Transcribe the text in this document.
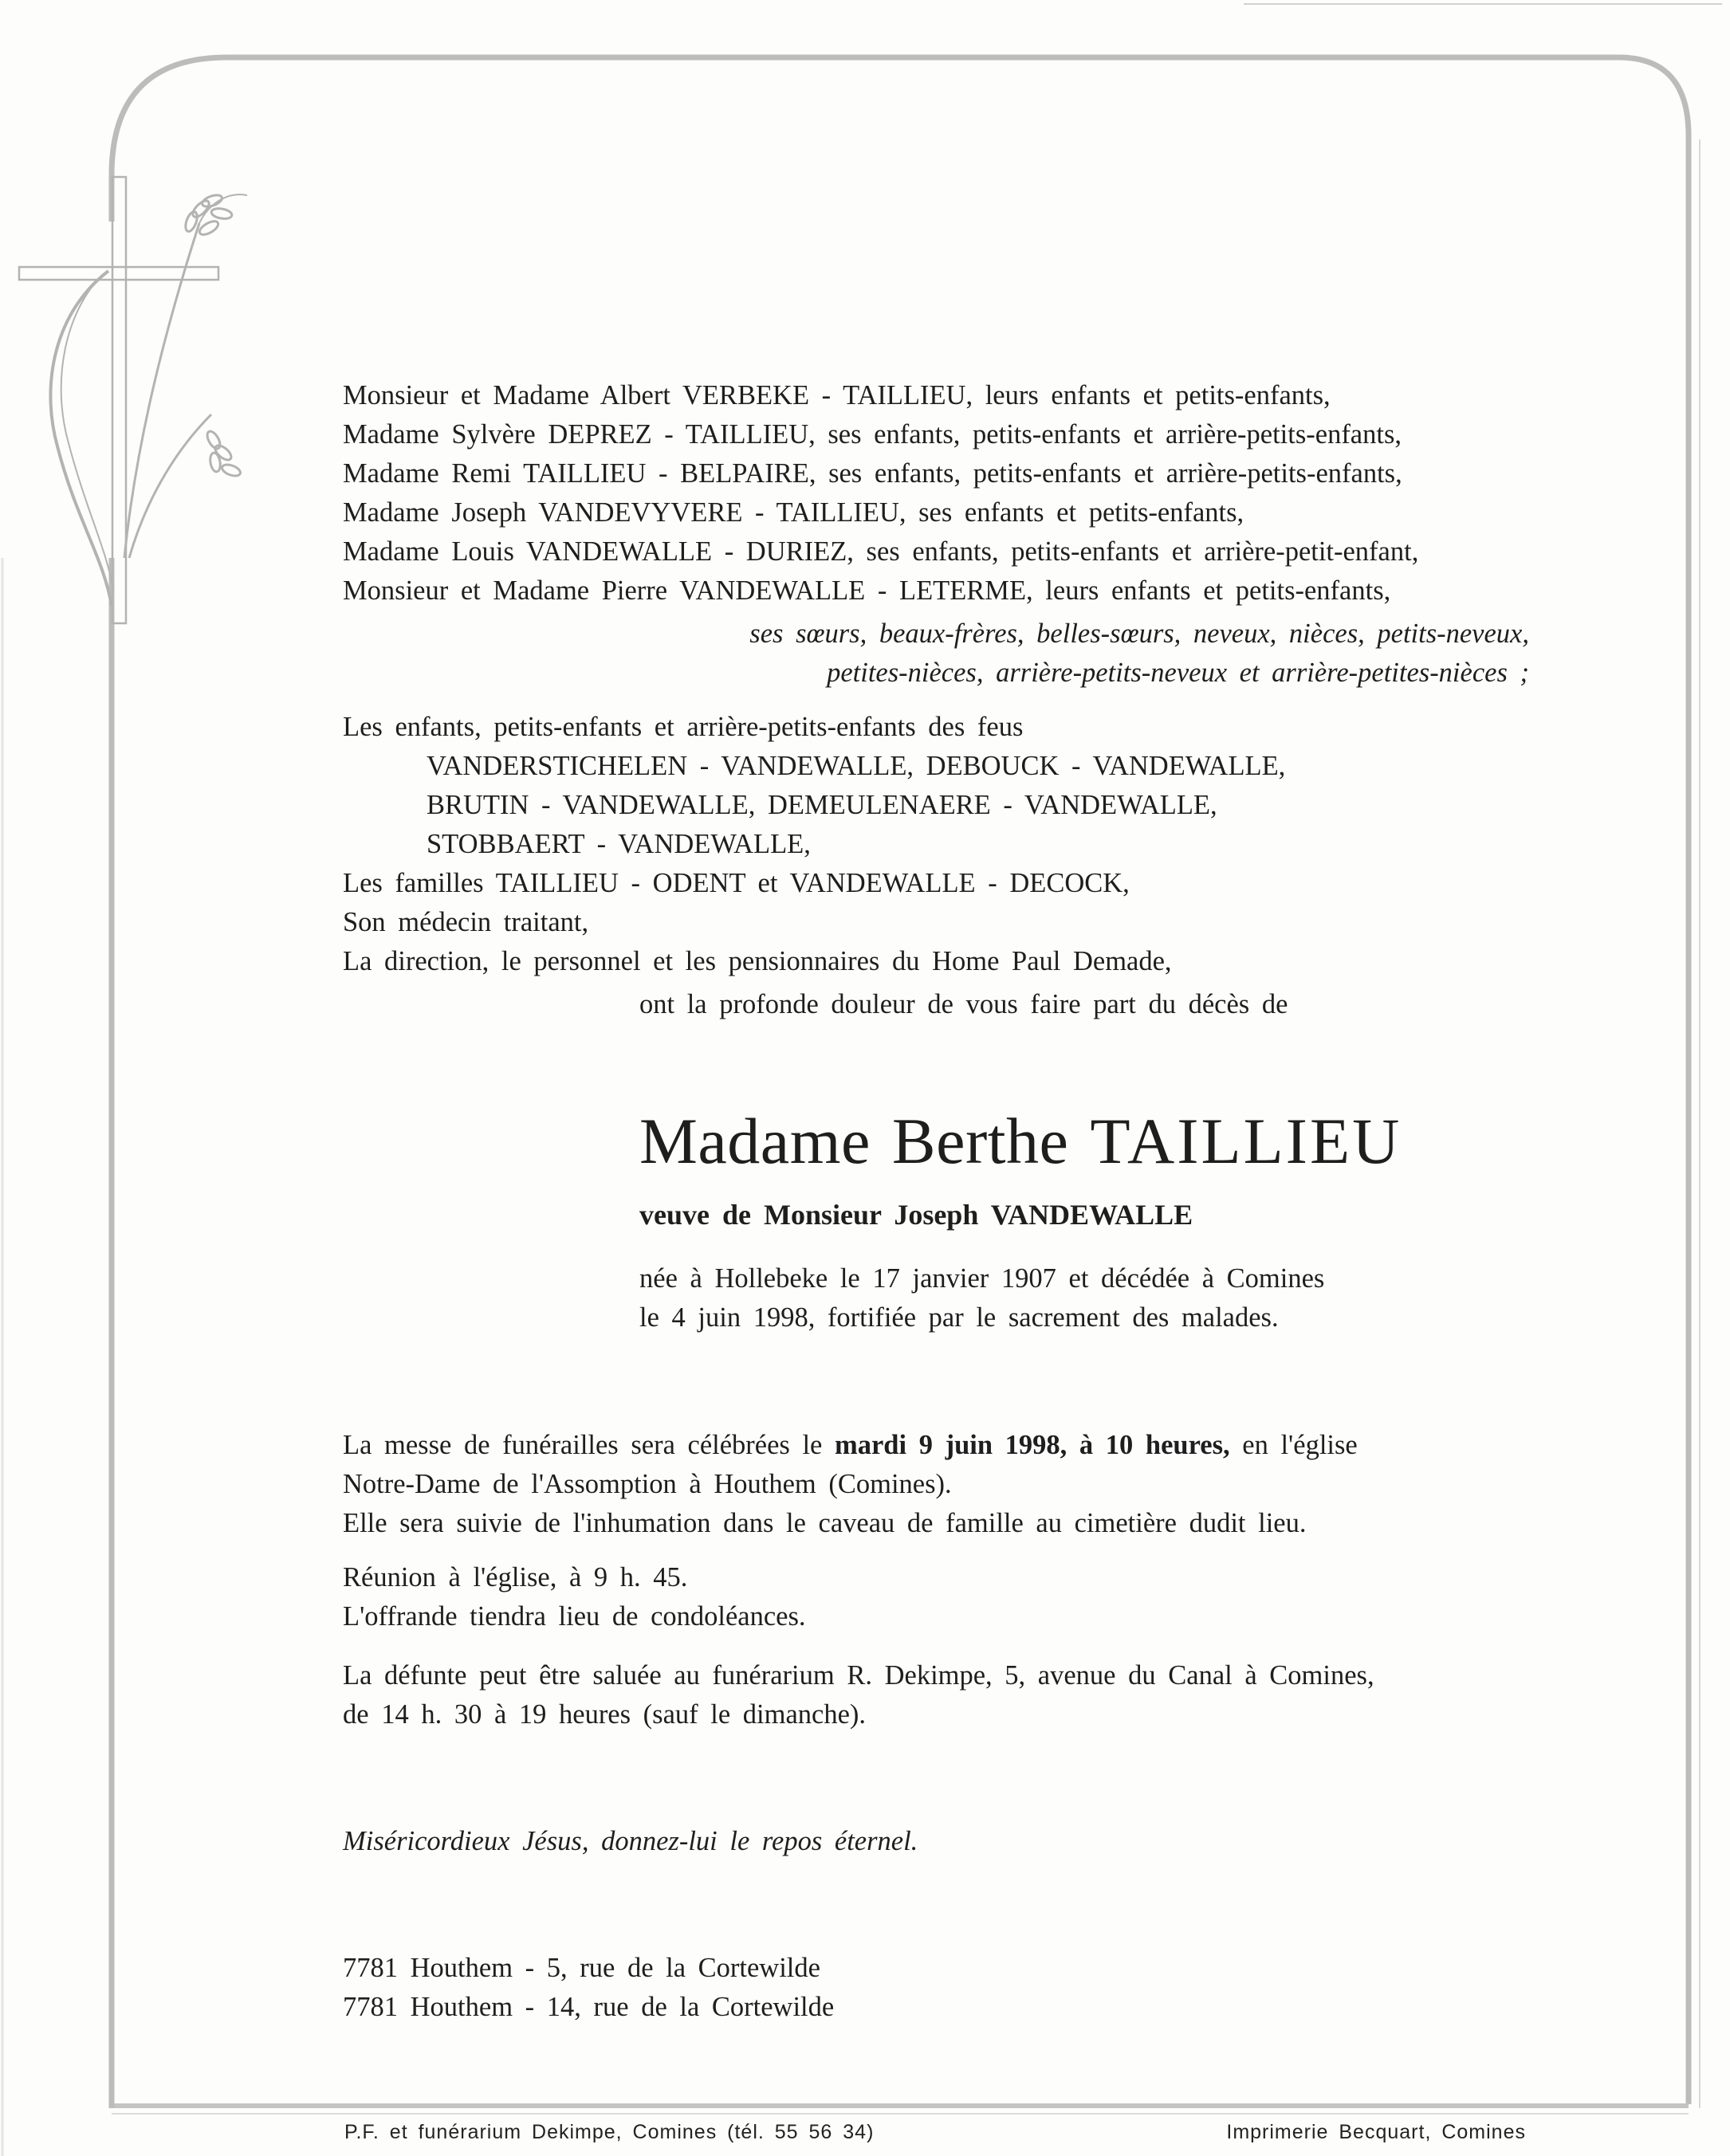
Monsieur et Madame Albert VERBEKE - TAILLIEU, leurs enfants et petits-enfants,
Madame Sylvère DEPREZ - TAILLIEU, ses enfants, petits-enfants et arrière-petits-enfants,
Madame Remi TAILLIEU - BELPAIRE, ses enfants, petits-enfants et arrière-petits-enfants,
Madame Joseph VANDEVYVERE - TAILLIEU, ses enfants et petits-enfants,
Madame Louis VANDEWALLE - DURIEZ, ses enfants, petits-enfants et arrière-petit-enfant,
Monsieur et Madame Pierre VANDEWALLE - LETERME, leurs enfants et petits-enfants,
ses sœurs, beaux-frères, belles-sœurs, neveux, nièces, petits-neveux,
petites-nièces, arrière-petits-neveux et arrière-petites-nièces ;
Les enfants, petits-enfants et arrière-petits-enfants des feus
VANDERSTICHELEN - VANDEWALLE, DEBOUCK - VANDEWALLE,
BRUTIN - VANDEWALLE, DEMEULENAERE - VANDEWALLE,
STOBBAERT - VANDEWALLE,
Les familles TAILLIEU - ODENT et VANDEWALLE - DECOCK,
Son médecin traitant,
La direction, le personnel et les pensionnaires du Home Paul Demade,
ont la profonde douleur de vous faire part du décès de
Madame Berthe TAILLIEU
veuve de Monsieur Joseph VANDEWALLE
née à Hollebeke le 17 janvier 1907 et décédée à Comines
le 4 juin 1998, fortifiée par le sacrement des malades.
La messe de funérailles sera célébrées le mardi 9 juin 1998, à 10 heures, en l'église
Notre-Dame de l'Assomption à Houthem (Comines).
Elle sera suivie de l'inhumation dans le caveau de famille au cimetière dudit lieu.
Réunion à l'église, à 9 h. 45.
L'offrande tiendra lieu de condoléances.
La défunte peut être saluée au funérarium R. Dekimpe, 5, avenue du Canal à Comines,
de 14 h. 30 à 19 heures (sauf le dimanche).
Miséricordieux Jésus, donnez-lui le repos éternel.
7781 Houthem - 5, rue de la Cortewilde
7781 Houthem - 14, rue de la Cortewilde
P.F. et funérarium Dekimpe, Comines (tél. 55 56 34)	Imprimerie Becquart, Comines
